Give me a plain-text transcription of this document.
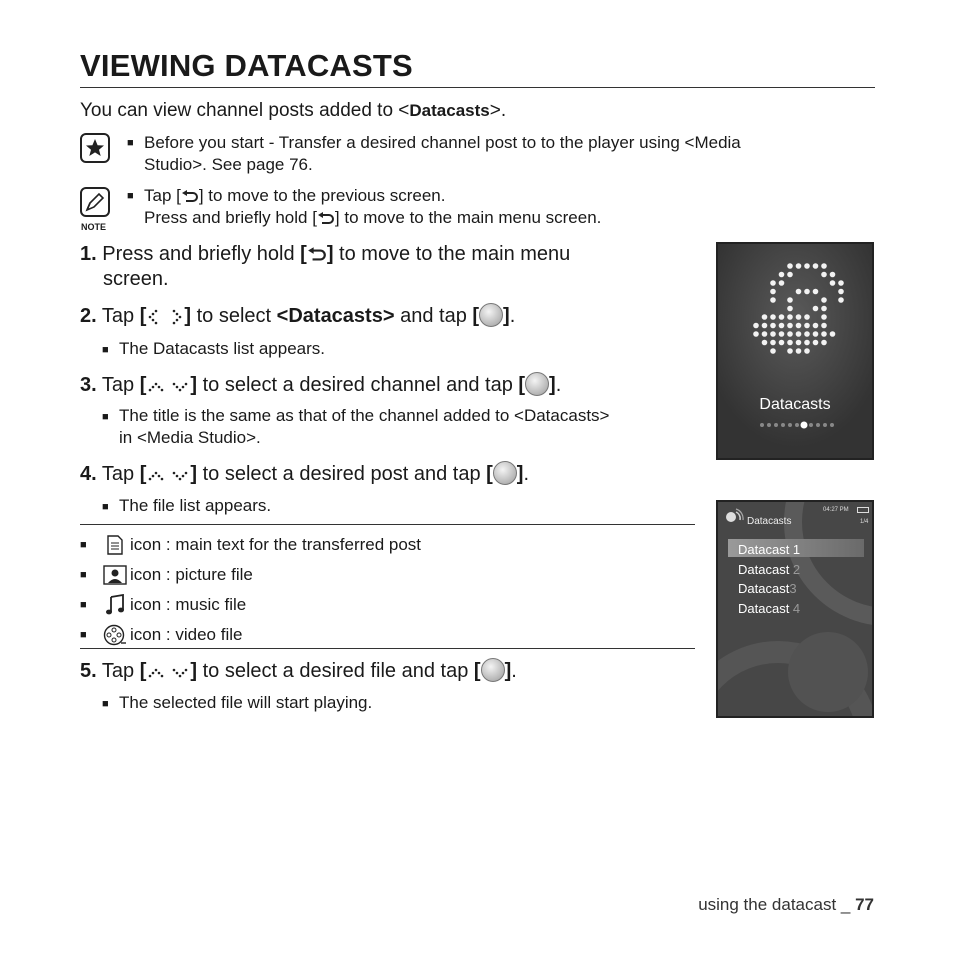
VIEWING DATACASTS
You can view channel posts added to <Datacasts>.
■ Before you start - Transfer a desired channel post to to the player using <Media
Studio>. See page 76.
NOTE
■ Tap [ ] to move to the previous screen.
Press and briefly hold [ ] to move to the main menu screen.
1. Press and briefly hold [ ] to move to the main menu
screen.
2. Tap [ ] to select <Datacasts> and tap [ ].
■ The Datacasts list appears.
3. Tap [ ] to select a desired channel and tap [ ].
■ The title is the same as that of the channel added to <Datacasts>
in <Media Studio>.
4. Tap [ ] to select a desired post and tap [ ].
■ The file list appears.
■	icon : main text for the transferred post
■	icon : picture file
■	icon : music file
■	icon : video file
5. Tap [ ] to select a desired file and tap [ ].
■ The selected file will start playing.
Datacasts
Datacasts
04:27 PM
1/4
Datacast 1
Datacast 2
Datacast3
Datacast 4
using the datacast _ 77
